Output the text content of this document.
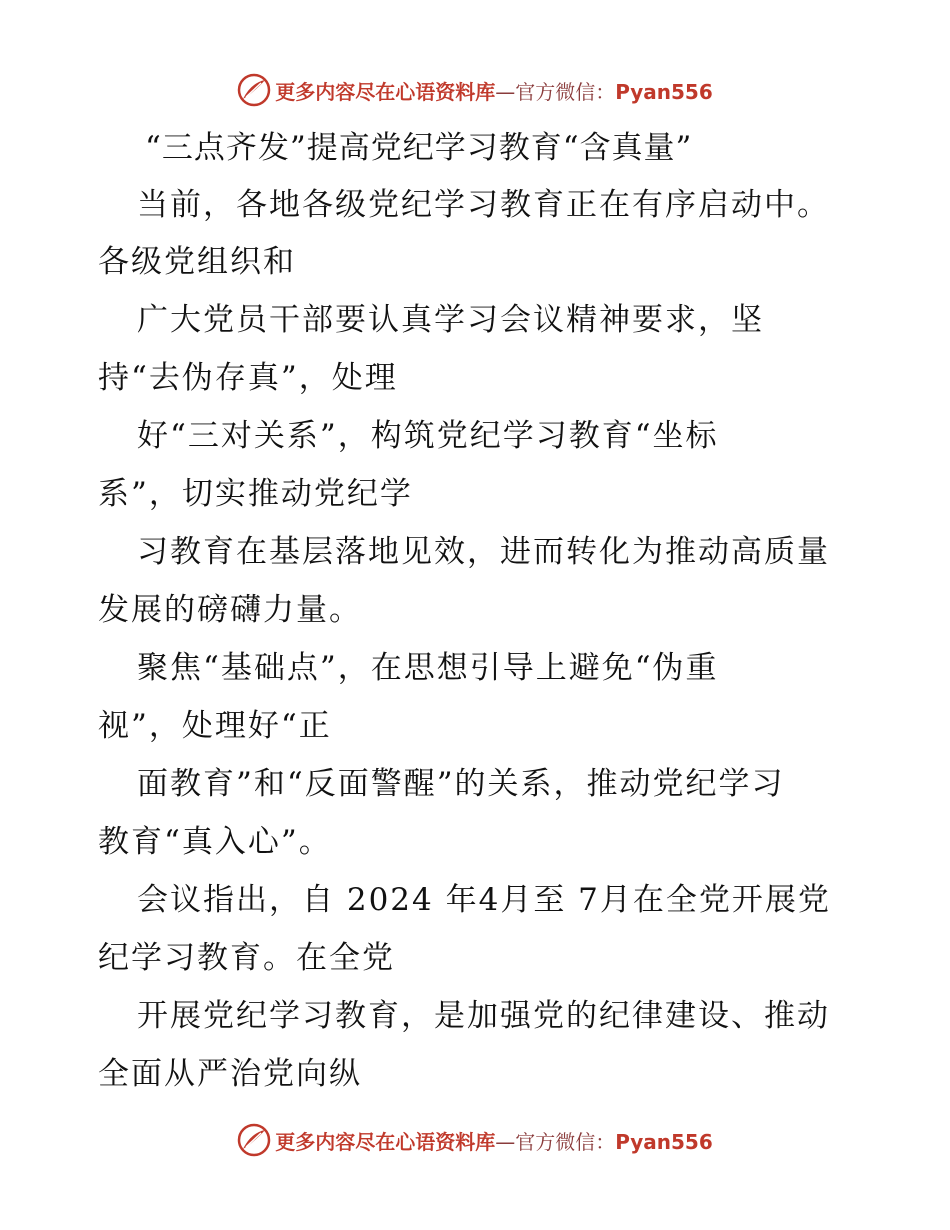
更多内容尽在心语资料库—官方微信：Pyan556
“三点齐发”提高党纪学习教育“含真量”
当前，各地各级党纪学习教育正在有序启动中。
各级党组织和
广大党员干部要认真学习会议精神要求，坚
持“去伪存真”，处理
好“三对关系”，构筑党纪学习教育“坐标
系”，切实推动党纪学
习教育在基层落地见效，进而转化为推动高质量
发展的磅礴力量。
聚焦“基础点”，在思想引导上避免“伪重
视”，处理好“正
面教育”和“反面警醒”的关系，推动党纪学习
教育“真入心”。
会议指出，自 2024 年4月至 7月在全党开展党
纪学习教育。在全党
开展党纪学习教育，是加强党的纪律建设、推动
全面从严治党向纵
更多内容尽在心语资料库—官方微信：Pyan556
